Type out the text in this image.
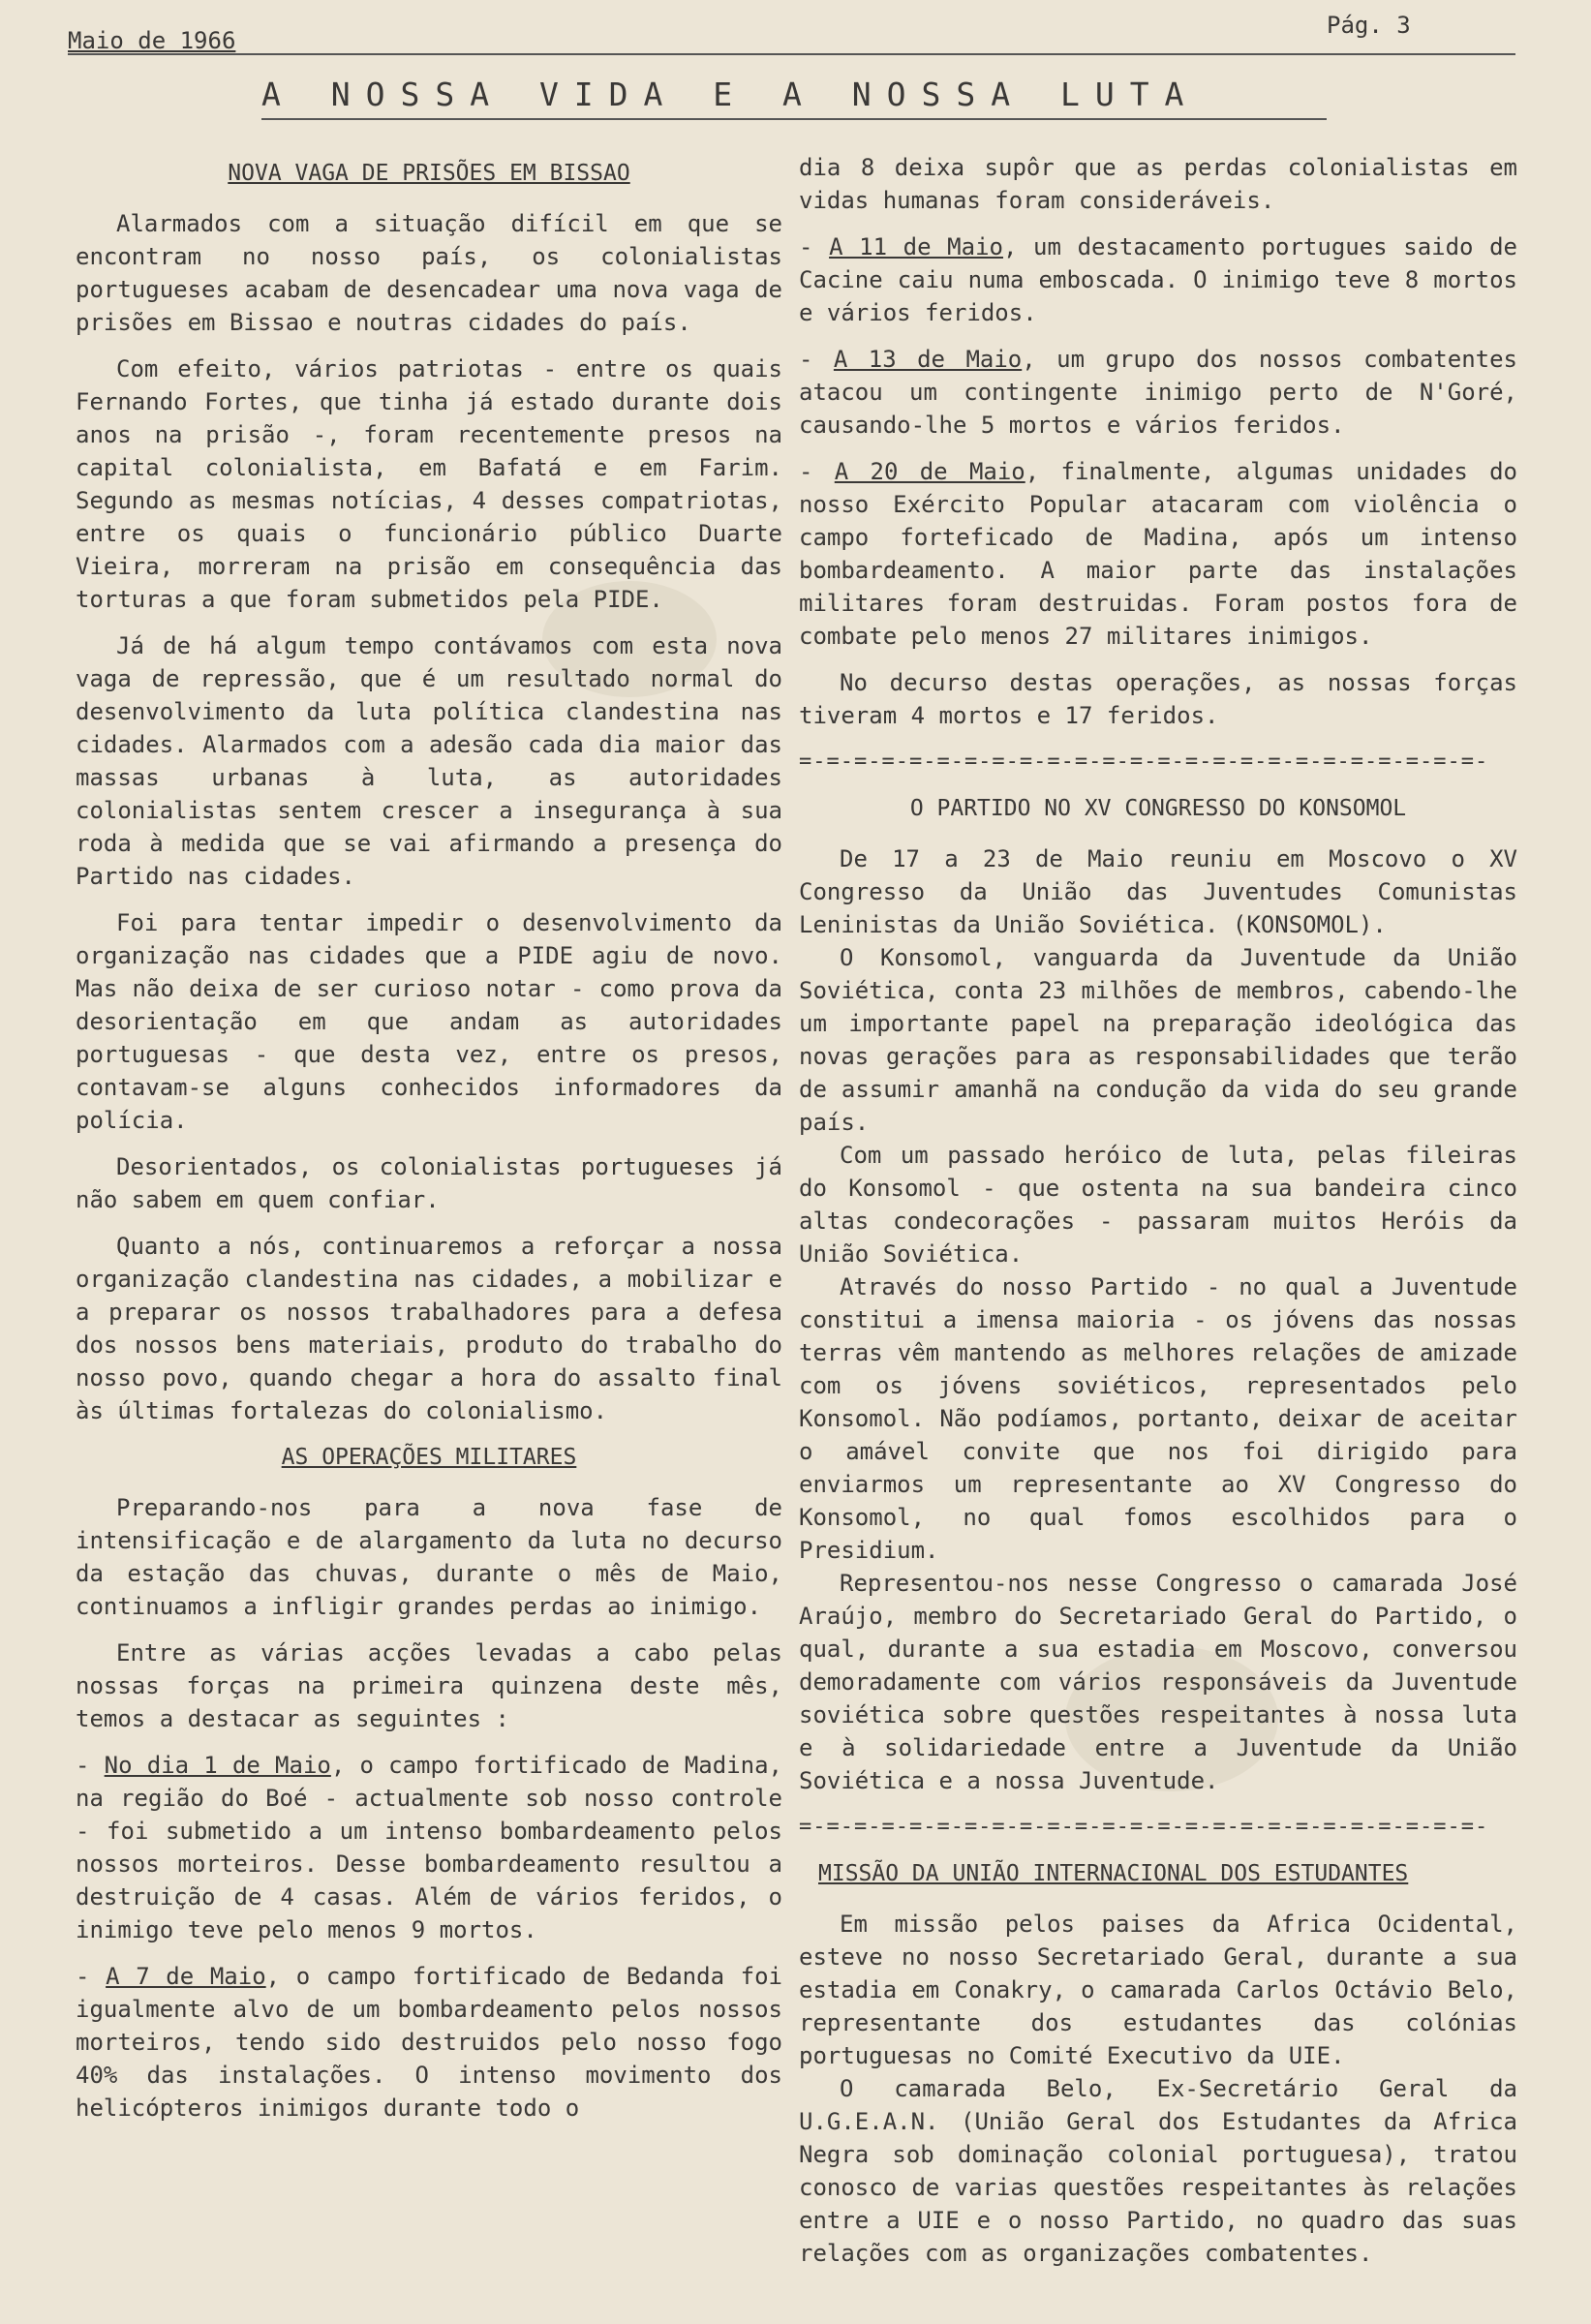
Maio de 1966
Pág. 3
A NOSSA VIDA E A NOSSA LUTA
NOVA VAGA DE PRISÕES EM BISSAO

Alarmados com a situação difícil em que se encontram no nosso país, os colonialistas portugueses acabam de desencadear uma nova vaga de prisões em Bissao e noutras cidades do país.

Com efeito, vários patriotas - entre os quais Fernando Fortes, que tinha já estado durante dois anos na prisão -, foram recentemente presos na capital colonialista, em Bafatá e em Farim. Segundo as mesmas notícias, 4 desses compatriotas, entre os quais o funcionário público Duarte Vieira, morreram na prisão em consequência das torturas a que foram submetidos pela PIDE.

Já de há algum tempo contávamos com esta nova vaga de repressão, que é um resultado normal do desenvolvimento da luta política clandestina nas cidades. Alarmados com a adesão cada dia maior das massas urbanas à luta, as autoridades colonialistas sentem crescer a insegurança à sua roda à medida que se vai afirmando a presença do Partido nas cidades.

Foi para tentar impedir o desenvolvimento da organização nas cidades que a PIDE agiu de novo. Mas não deixa de ser curioso notar - como prova da desorientação em que andam as autoridades portuguesas - que desta vez, entre os presos, contavam-se alguns conhecidos informadores da polícia.

Desorientados, os colonialistas portugueses já não sabem em quem confiar.

Quanto a nós, continuaremos a reforçar a nossa organização clandestina nas cidades, a mobilizar e a preparar os nossos trabalhadores para a defesa dos nossos bens materiais, produto do trabalho do nosso povo, quando chegar a hora do assalto final às últimas fortalezas do colonialismo.

AS OPERAÇÕES MILITARES

Preparando-nos para a nova fase de intensificação e de alargamento da luta no decurso da estação das chuvas, durante o mês de Maio, continuamos a infligir grandes perdas ao inimigo.

Entre as várias acções levadas a cabo pelas nossas forças na primeira quinzena deste mês, temos a destacar as seguintes :

- No dia 1 de Maio, o campo fortificado de Madina, na região do Boé - actualmente sob nosso controle - foi submetido a um intenso bombardeamento pelos nossos morteiros. Desse bombardeamento resultou a destruição de 4 casas. Além de vários feridos, o inimigo teve pelo menos 9 mortos.

- A 7 de Maio, o campo fortificado de Bedanda foi igualmente alvo de um bombardeamento pelos nossos morteiros, tendo sido destruidos pelo nosso fogo 40% das instalações. O intenso movimento dos helicópteros inimigos durante todo o

dia 8 deixa supôr que as perdas colonialistas em vidas humanas foram consideráveis.

- A 11 de Maio, um destacamento portugues saido de Cacine caiu numa emboscada. O inimigo teve 8 mortos e vários feridos.

- A 13 de Maio, um grupo dos nossos combatentes atacou um contingente inimigo perto de N'Goré, causando-lhe 5 mortos e vários feridos.

- A 20 de Maio, finalmente, algumas unidades do nosso Exército Popular atacaram com violência o campo forteficado de Madina, após um intenso bombardeamento. A maior parte das instalações militares foram destruidas. Foram postos fora de combate pelo menos 27 militares inimigos.

No decurso destas operações, as nossas forças tiveram 4 mortos e 17 feridos.

=-=-=-=-=-=-=-=-=-=-=-=-=-=-=-=-=-=-=-=-=-=-=-=-=-
O PARTIDO NO XV CONGRESSO DO KONSOMOL

De 17 a 23 de Maio reuniu em Moscovo o XV Congresso da União das Juventudes Comunistas Leninistas da União Soviética. (KONSOMOL).

O Konsomol, vanguarda da Juventude da União Soviética, conta 23 milhões de membros, cabendo-lhe um importante papel na preparação ideológica das novas gerações para as responsabilidades que terão de assumir amanhã na condução da vida do seu grande país.

Com um passado heróico de luta, pelas fileiras do Konsomol - que ostenta na sua bandeira cinco altas condecorações - passaram muitos Heróis da União Soviética.

Através do nosso Partido - no qual a Juventude constitui a imensa maioria - os jóvens das nossas terras vêm mantendo as melhores relações de amizade com os jóvens soviéticos, representados pelo Konsomol. Não podíamos, portanto, deixar de aceitar o amável convite que nos foi dirigido para enviarmos um representante ao XV Congresso do Konsomol, no qual fomos escolhidos para o Presidium.

Representou-nos nesse Congresso o camarada José Araújo, membro do Secretariado Geral do Partido, o qual, durante a sua estadia em Moscovo, conversou demoradamente com vários responsáveis da Juventude soviética sobre questões respeitantes à nossa luta e à solidariedade entre a Juventude da União Soviética e a nossa Juventude.

=-=-=-=-=-=-=-=-=-=-=-=-=-=-=-=-=-=-=-=-=-=-=-=-=-
MISSÃO DA UNIÃO INTERNACIONAL DOS ESTUDANTES

Em missão pelos paises da Africa Ocidental, esteve no nosso Secretariado Geral, durante a sua estadia em Conakry, o camarada Carlos Octávio Belo, representante dos estudantes das colónias portuguesas no Comité Executivo da UIE.

O camarada Belo, Ex-Secretário Geral da U.G.E.A.N. (União Geral dos Estudantes da Africa Negra sob dominação colonial portuguesa), tratou conosco de varias questões respeitantes às relações entre a UIE e o nosso Partido, no quadro das suas relações com as organizações combatentes.
